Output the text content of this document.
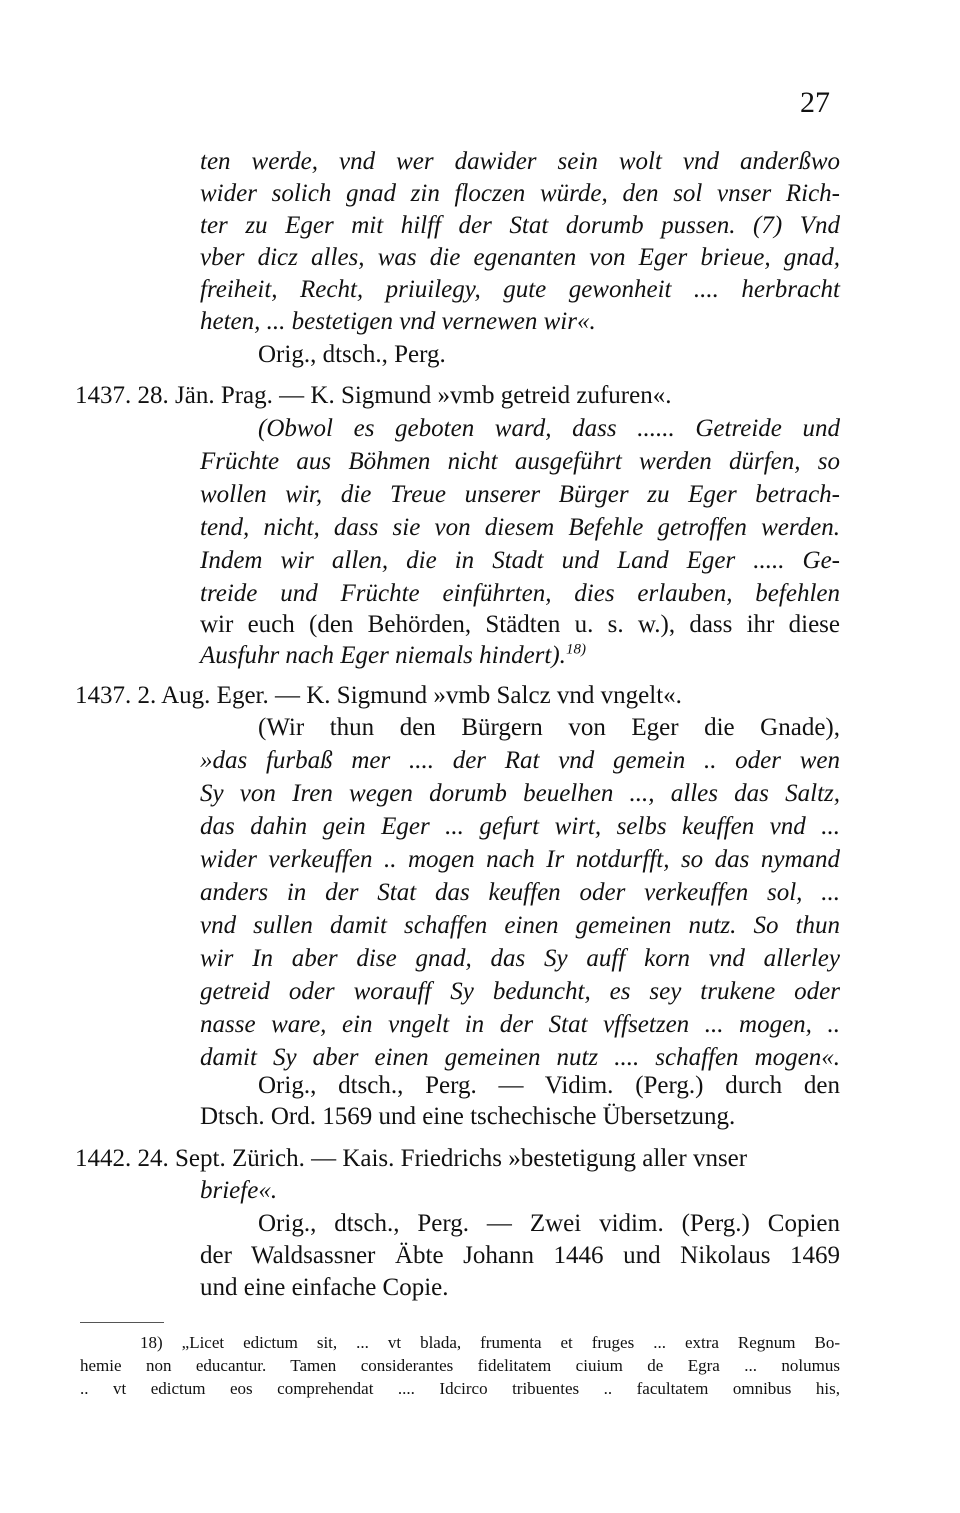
27
ten werde, vnd wer dawider sein wolt vnd anderßwo
wider solich gnad zin floczen würde, den sol vnser Rich-
ter zu Eger mit hilff der Stat dorumb pussen. (7) Vnd
vber dicz alles, was die egenanten von Eger brieue, gnad,
freiheit, Recht, priuilegy, gute gewonheit .... herbracht
heten, ... bestetigen vnd vernewen wir«.
Orig., dtsch., Perg.
1437. 28. Jän. Prag. — K. Sigmund »vmb getreid zufuren«.
(Obwol es geboten ward, dass ...... Getreide und
Früchte aus Böhmen nicht ausgeführt werden dürfen, so
wollen wir, die Treue unserer Bürger zu Eger betrach-
tend, nicht, dass sie von diesem Befehle getroffen werden.
Indem wir allen, die in Stadt und Land Eger ..... Ge-
treide und Früchte einführten, dies erlauben, befehlen
wir euch (den Behörden, Städten u. s. w.), dass ihr diese
Ausfuhr nach Eger niemals hindert).$^{18)}$
1437. 2. Aug. Eger. — K. Sigmund »vmb Salcz vnd vngelt«.
(Wir thun den Bürgern von Eger die Gnade),
»das furbaß mer .... der Rat vnd gemein .. oder wen
Sy von Iren wegen dorumb beuelhen ..., alles das Saltz,
das dahin gein Eger ... gefurt wirt, selbs keuffen vnd ...
wider verkeuffen .. mogen nach Ir notdurfft, so das nymand
anders in der Stat das keuffen oder verkeuffen sol, ...
vnd sullen damit schaffen einen gemeinen nutz. So thun
wir In aber dise gnad, das Sy auff korn vnd allerley
getreid oder worauff Sy beduncht, es sey trukene oder
nasse ware, ein vngelt in der Stat vffsetzen ... mogen, ..
damit Sy aber einen gemeinen nutz .... schaffen mogen«.
Orig., dtsch., Perg. — Vidim. (Perg.) durch den
Dtsch. Ord. 1569 und eine tschechische Übersetzung.
1442. 24. Sept. Zürich. — Kais. Friedrichs »bestetigung aller vnser
briefe«.
Orig., dtsch., Perg. — Zwei vidim. (Perg.) Copien
der Waldsassner Äbte Johann 1446 und Nikolaus 1469
und eine einfache Copie.
18) „Licet edictum sit, ... vt blada, frumenta et fruges ... extra Regnum Bo-
hemie non educantur. Tamen considerantes fidelitatem ciuium de Egra ... nolumus
.. vt edictum eos comprehendat .... Idcirco tribuentes .. facultatem omnibus his,
